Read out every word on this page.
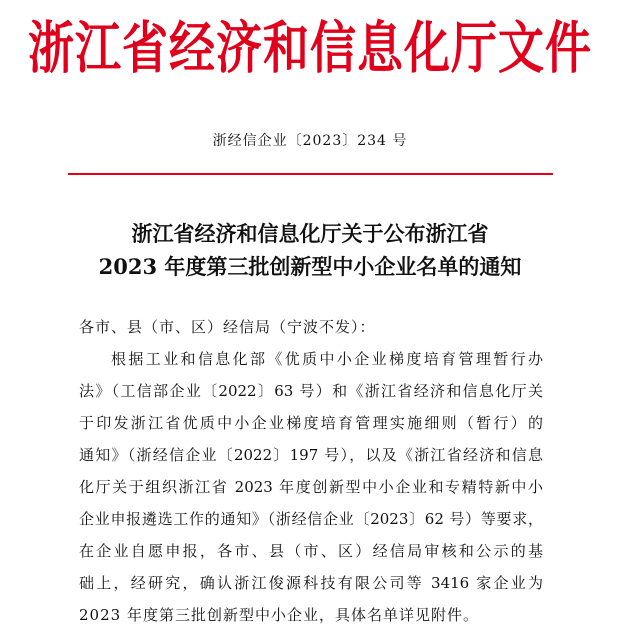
浙江省经济和信息化厅文件
浙经信企业〔2023〕234 号
浙江省经济和信息化厅关于公布浙江省
2023 年度第三批创新型中小企业名单的通知
各市、县（市、区）经信局（宁波不发）：
根据工业和信息化部《优质中小企业梯度培育管理暂行办
法》（工信部企业〔2022〕63 号）和《浙江省经济和信息化厅关
于印发浙江省优质中小企业梯度培育管理实施细则（暂行）的
通知》（浙经信企业〔2022〕197 号），以及《浙江省经济和信息
化厅关于组织浙江省 2023 年度创新型中小企业和专精特新中小
企业申报遴选工作的通知》（浙经信企业〔2023〕62 号）等要求，
在企业自愿申报，各市、县（市、区）经信局审核和公示的基
础上，经研究，确认浙江俊源科技有限公司等 3416 家企业为
2023 年度第三批创新型中小企业，具体名单详见附件。
